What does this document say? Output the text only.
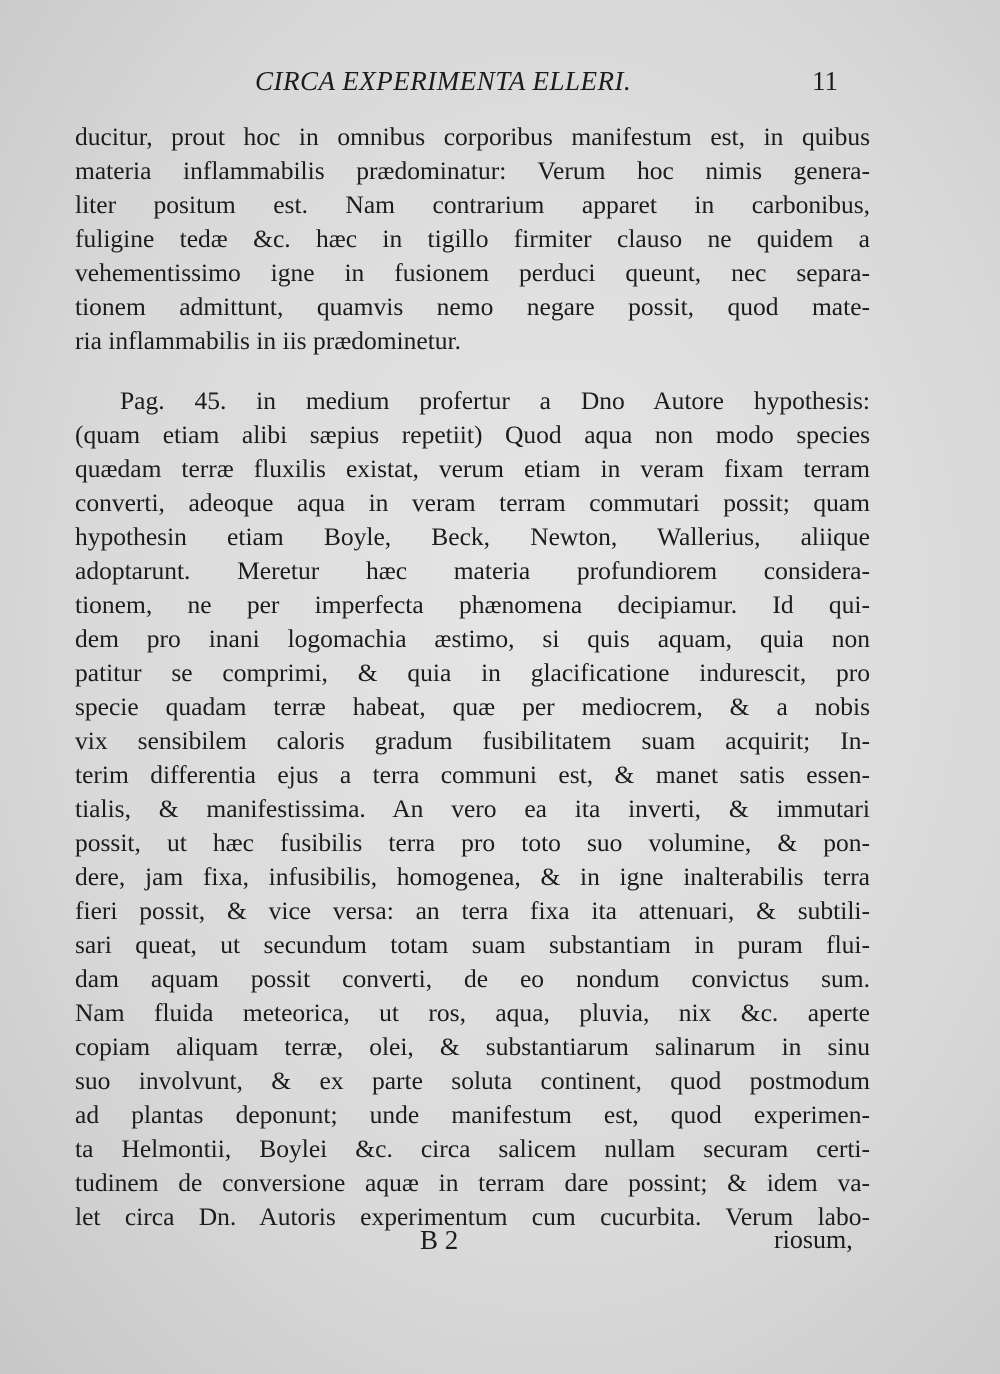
CIRCA EXPERIMENTA ELLERI.	11
ducitur, prout hoc in omnibus corporibus manifestum est, in quibus
materia inflammabilis prædominatur: Verum hoc nimis genera-
liter positum est. Nam contrarium apparet in carbonibus,
fuligine tedæ &c. hæc in tigillo firmiter clauso ne quidem a
vehementissimo igne in fusionem perduci queunt, nec separa-
tionem admittunt, quamvis nemo negare possit, quod mate-
ria inflammabilis in iis prædominetur.
Pag. 45. in medium profertur a Dno Autore hypothesis:
(quam etiam alibi sæpius repetiit) Quod aqua non modo species
quædam terræ fluxilis existat, verum etiam in veram fixam terram
converti, adeoque aqua in veram terram commutari possit; quam
hypothesin etiam Boyle, Beck, Newton, Wallerius, aliique
adoptarunt. Meretur hæc materia profundiorem considera-
tionem, ne per imperfecta phænomena decipiamur. Id qui-
dem pro inani logomachia æstimo, si quis aquam, quia non
patitur se comprimi, & quia in glacificatione indurescit, pro
specie quadam terræ habeat, quæ per mediocrem, & a nobis
vix sensibilem caloris gradum fusibilitatem suam acquirit; In-
terim differentia ejus a terra communi est, & manet satis essen-
tialis, & manifestissima. An vero ea ita inverti, & immutari
possit, ut hæc fusibilis terra pro toto suo volumine, & pon-
dere, jam fixa, infusibilis, homogenea, & in igne inalterabilis terra
fieri possit, & vice versa: an terra fixa ita attenuari, & subtili-
sari queat, ut secundum totam suam substantiam in puram flui-
dam aquam possit converti, de eo nondum convictus sum.
Nam fluida meteorica, ut ros, aqua, pluvia, nix &c. aperte
copiam aliquam terræ, olei, & substantiarum salinarum in sinu
suo involvunt, & ex parte soluta continent, quod postmodum
ad plantas deponunt; unde manifestum est, quod experimen-
ta Helmontii, Boylei &c. circa salicem nullam securam certi-
tudinem de conversione aquæ in terram dare possint; & idem va-
let circa Dn. Autoris experimentum cum cucurbita. Verum labo-
B 2	riosum,
